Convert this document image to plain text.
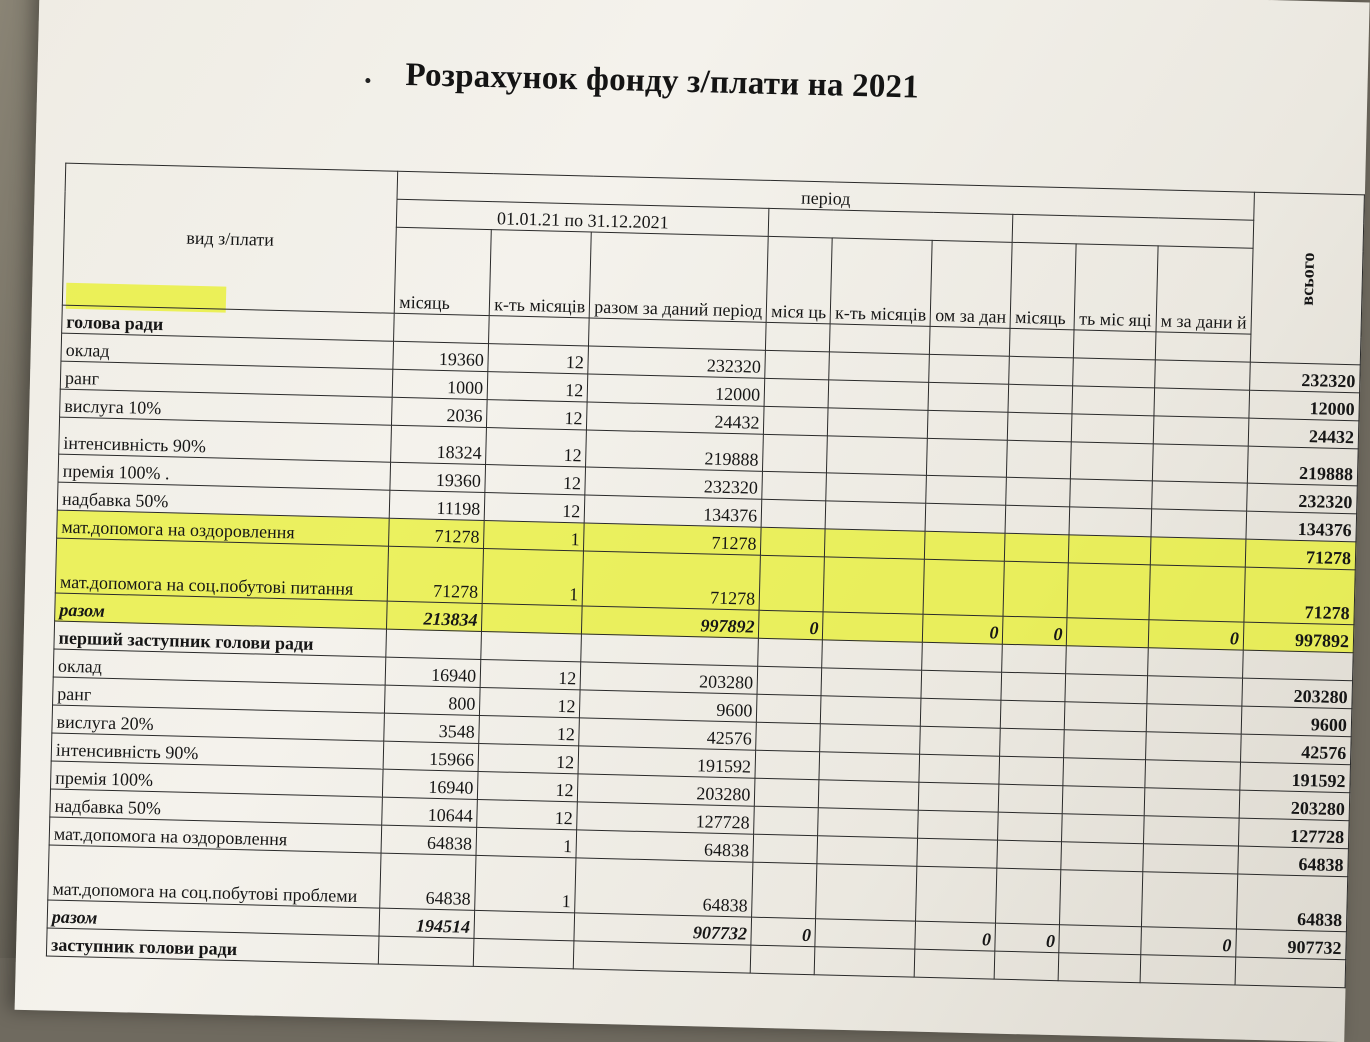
Розрахунок фонду з/плати на 2021
вид з/плати	період									всього
	01.01.21 по 31.12.2021									
	місяць	к-ть місяців	разом за даний період	міся ць	к-ть місяців	ом за дан	місяць	ть міс яці	м за дани й	
голова ради										
оклад	19360	12	232320							232320
ранг	1000	12	12000							12000
вислуга 10%	2036	12	24432							24432
інтенсивність 90%	18324	12	219888							219888
премія 100% .	19360	12	232320							232320
надбавка 50%	11198	12	134376							134376
мат.допомога на оздоровлення	71278	1	71278							71278
мат.допомога на соц.побутові питання	71278	1	71278							71278
разом	213834		997892	0		0	0		0	997892
перший заступник голови ради										
оклад	16940	12	203280							203280
ранг	800	12	9600							9600
вислуга 20%	3548	12	42576							42576
інтенсивність 90%	15966	12	191592							191592
премія 100%	16940	12	203280							203280
надбавка 50%	10644	12	127728							127728
мат.допомога на оздоровлення	64838	1	64838							64838
мат.допомога на соц.побутові проблеми	64838	1	64838							64838
разом	194514		907732	0		0	0		0	907732
заступник голови ради										
